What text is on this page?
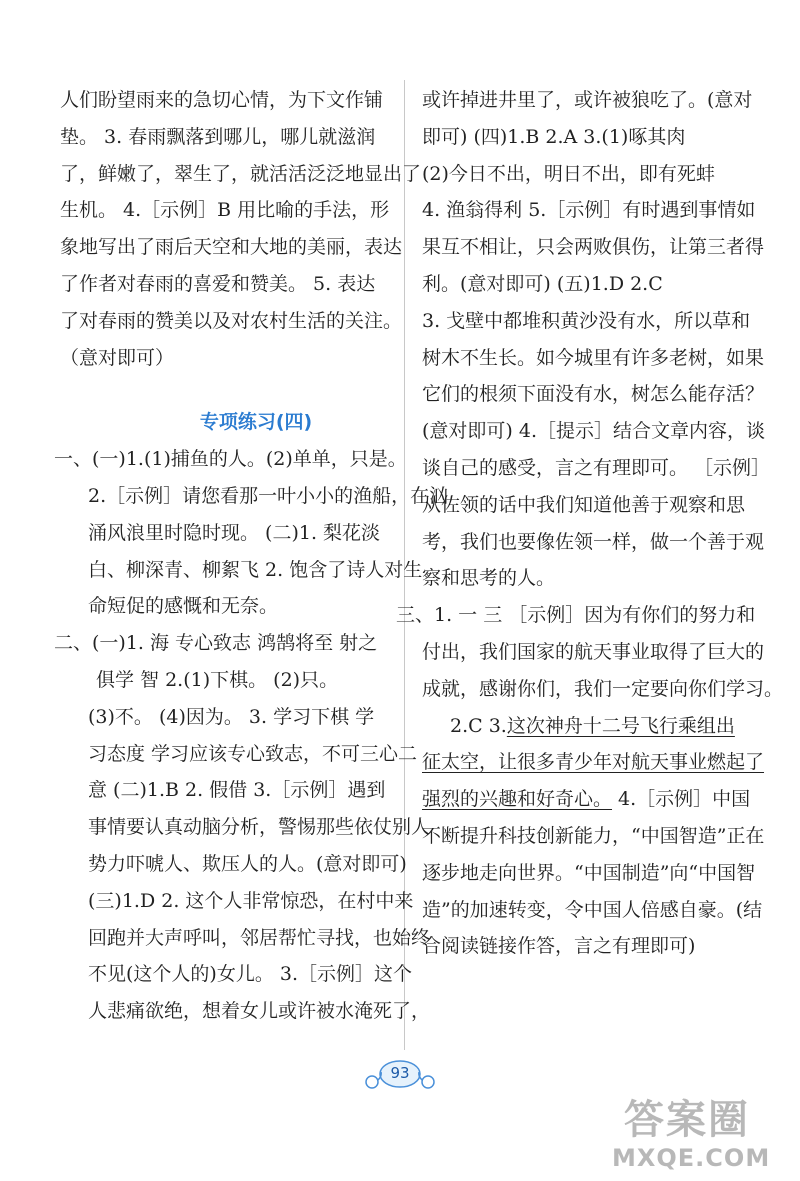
人们盼望雨来的急切心情，为下文作铺
垫。 3. 春雨飘落到哪儿，哪儿就滋润
了，鲜嫩了，翠生了，就活活泛泛地显出了
生机。 4.［示例］B 用比喻的手法，形
象地写出了雨后天空和大地的美丽，表达
了作者对春雨的喜爱和赞美。 5. 表达
了对春雨的赞美以及对农村生活的关注。
（意对即可）
专项练习(四)
一、(一)1.(1)捕鱼的人。(2)单单，只是。
2.［示例］请您看那一叶小小的渔船，在汹
涌风浪里时隐时现。 (二)1. 梨花淡
白、柳深青、柳絮飞 2. 饱含了诗人对生
命短促的感慨和无奈。
二、(一)1. 海 专心致志 鸿鹄将至 射之
俱学 智 2.(1)下棋。 (2)只。
(3)不。 (4)因为。 3. 学习下棋 学
习态度 学习应该专心致志，不可三心二
意 (二)1.B 2. 假借 3.［示例］遇到
事情要认真动脑分析，警惕那些依仗别人
势力吓唬人、欺压人的人。(意对即可)
(三)1.D 2. 这个人非常惊恐，在村中来
回跑并大声呼叫，邻居帮忙寻找，也始终
不见(这个人的)女儿。 3.［示例］这个
人悲痛欲绝，想着女儿或许被水淹死了，
或许掉进井里了，或许被狼吃了。(意对
即可) (四)1.B 2.A 3.(1)啄其肉
(2)今日不出，明日不出，即有死蚌
4. 渔翁得利 5.［示例］有时遇到事情如
果互不相让，只会两败俱伤，让第三者得
利。(意对即可) (五)1.D 2.C
3. 戈壁中都堆积黄沙没有水，所以草和
树木不生长。如今城里有许多老树，如果
它们的根须下面没有水，树怎么能存活？
(意对即可) 4.［提示］结合文章内容，谈
谈自己的感受，言之有理即可。 ［示例］
从佐领的话中我们知道他善于观察和思
考，我们也要像佐领一样，做一个善于观
察和思考的人。
三、1. 一 三 ［示例］因为有你们的努力和
付出，我们国家的航天事业取得了巨大的
成就，感谢你们，我们一定要向你们学习。
2.C 3.这次神舟十二号飞行乘组出
征太空，让很多青少年对航天事业燃起了
强烈的兴趣和好奇心。 4.［示例］中国
不断提升科技创新能力，“中国智造”正在
逐步地走向世界。“中国制造”向“中国智
造”的加速转变，令中国人倍感自豪。(结
合阅读链接作答，言之有理即可)
93
答案圈
MXQE.COM
